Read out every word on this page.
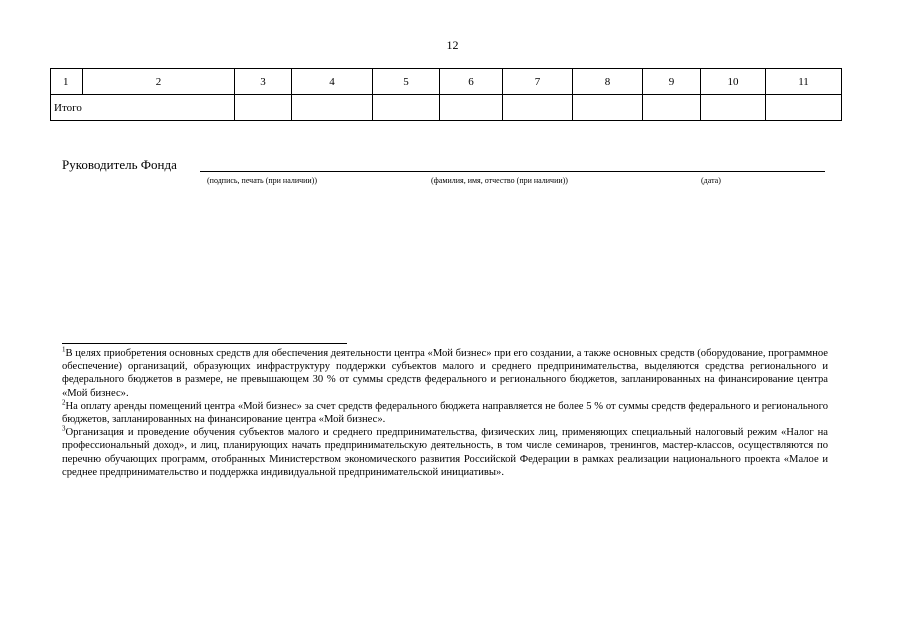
12
1	2	3	4	5	6	7	8	9	10	11	
Итого											
Руководитель Фонда
(подпись, печать (при наличии))	(фамилия, имя, отчество (при наличии))	(дата)

$^1$В целях приобретения основных средств для обеспечения деятельности центра «Мой бизнес» при его создании, а также основных средств (оборудование, программное обеспечение) организаций, образующих инфраструктуру поддержки субъектов малого и среднего предпринимательства, выделяются средства регионального и федерального бюджетов в размере, не превышающем 30 % от суммы средств федерального и регионального бюджетов, запланированных на финансирование центра «Мой бизнес».

$^2$На оплату аренды помещений центра «Мой бизнес» за счет средств федерального бюджета направляется не более 5 % от суммы средств федерального и регионального бюджетов, запланированных на финансирование центра «Мой бизнес».

$^3$Организация и проведение обучения субъектов малого и среднего предпринимательства, физических лиц, применяющих специальный налоговый режим «Налог на профессиональный доход», и лиц, планирующих начать предпринимательскую деятельность, в том числе семинаров, тренингов, мастер-классов, осуществляются по перечню обучающих программ, отобранных Министерством экономического развития Российской Федерации в рамках реализации национального проекта «Малое и среднее предпринимательство и поддержка индивидуальной предпринимательской инициативы».
